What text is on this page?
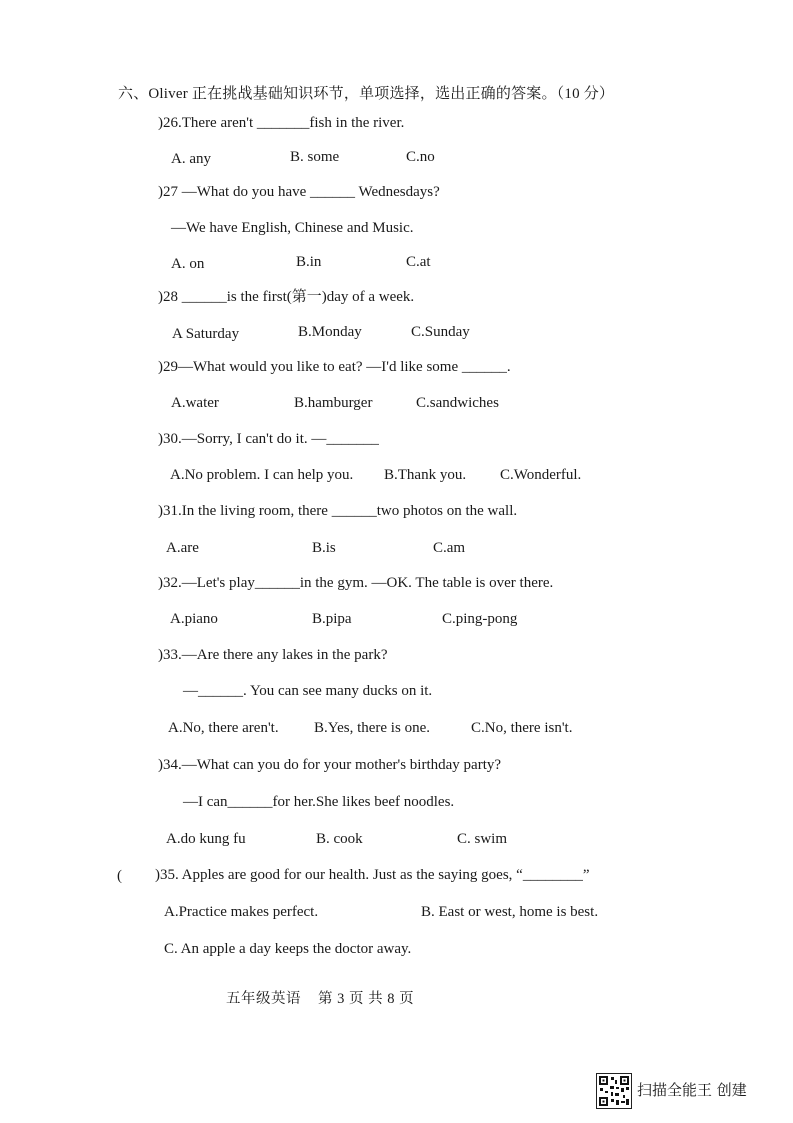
六、Oliver 正在挑战基础知识环节，单项选择，选出正确的答案。（10 分）
)26.There aren't _______fish in the river.
A. any	B. some	C.no
)27 —What do you have ______ Wednesdays?
—We have English, Chinese and Music.
A. on	B.in	C.at
)28 ______is the first(第一)day of a week.
A Saturday	B.Monday	C.Sunday
)29—What would you like to eat? —I'd like some ______.
A.water	B.hamburger	C.sandwiches
)30.—Sorry, I can't do it. —_______
A.No problem. I can help you. B.Thank you. C.Wonderful.
)31.In the living room, there ______two photos on the wall.
A.are	B.is	C.am
)32.—Let's play______in the gym. —OK. The table is over there.
A.piano	B.pipa	C.ping-pong
)33.—Are there any lakes in the park?
—______. You can see many ducks on it.
A.No, there aren't. B.Yes, there is one.	C.No, there isn't.
)34.—What can you do for your mother's birthday party?
—I can______for her.She likes beef noodles.
A.do kung fu	B. cook	C. swim
( )35. Apples are good for our health. Just as the saying goes, “________”
A.Practice makes perfect.	B. East or west, home is best.
C. An apple a day keeps the doctor away.
五年级英语 第 3 页 共 8 页
扫描全能王 创建
